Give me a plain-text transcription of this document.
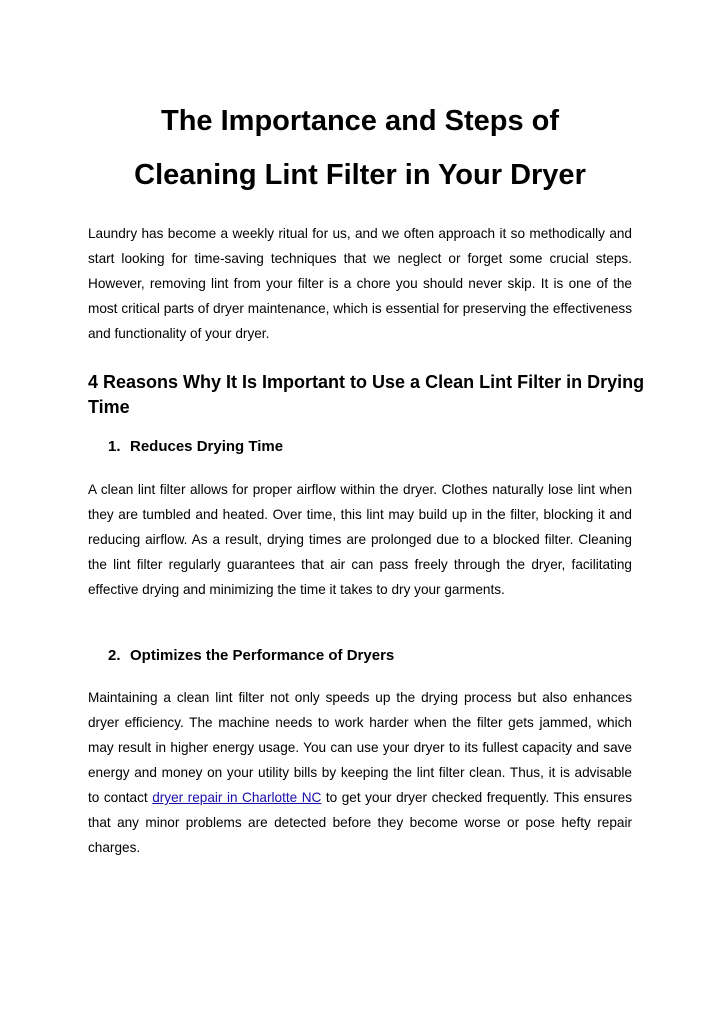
The Importance and Steps of
Cleaning Lint Filter in Your Dryer

Laundry has become a weekly ritual for us, and we often approach it so methodically and start looking for time-saving techniques that we neglect or forget some crucial steps. However, removing lint from your filter is a chore you should never skip. It is one of the most critical parts of dryer maintenance, which is essential for preserving the effectiveness and functionality of your dryer.

4 Reasons Why It Is Important to Use a Clean Lint Filter in Drying Time
1. Reduces Drying Time

A clean lint filter allows for proper airflow within the dryer. Clothes naturally lose lint when they are tumbled and heated. Over time, this lint may build up in the filter, blocking it and reducing airflow. As a result, drying times are prolonged due to a blocked filter. Cleaning the lint filter regularly guarantees that air can pass freely through the dryer, facilitating effective drying and minimizing the time it takes to dry your garments.

2. Optimizes the Performance of Dryers

Maintaining a clean lint filter not only speeds up the drying process but also enhances dryer efficiency. The machine needs to work harder when the filter gets jammed, which may result in higher energy usage. You can use your dryer to its fullest capacity and save energy and money on your utility bills by keeping the lint filter clean. Thus, it is advisable to contact dryer repair in Charlotte NC to get your dryer checked frequently. This ensures that any minor problems are detected before they become worse or pose hefty repair charges.
